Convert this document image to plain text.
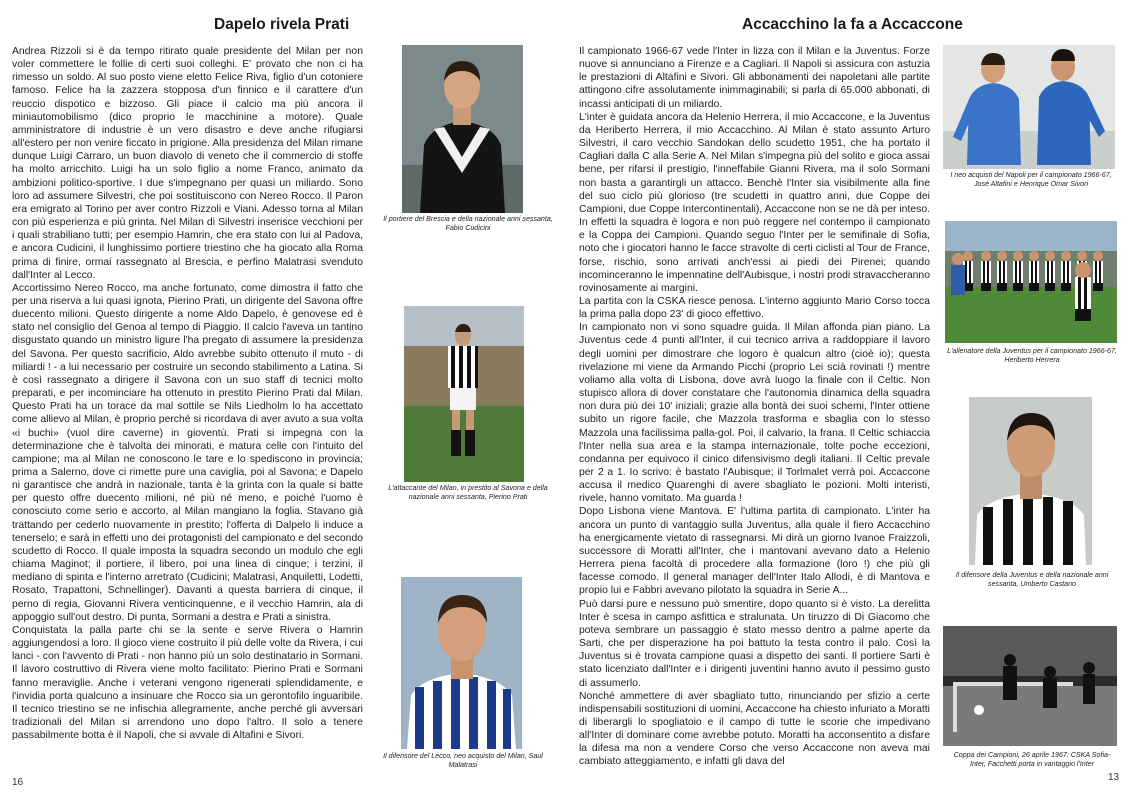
Dapelo rivela Prati

Andrea Rizzoli si è da tempo ritirato quale presidente del Milan per non voler commettere le follie di certi suoi colleghi. E' provato che non ci ha rimesso un soldo. Al suo posto viene eletto Felice Riva, figlio d'un cotoniere famoso. Felice ha la zazzera stopposa d'un finnico e il carattere d'un reuccio dispotico e bizzoso. Gli piace il calcio ma più ancora il miniautomobilismo (dico proprio le macchinine a motore). Quale amministratore di industrie è un vero disastro e deve anche rifugiarsi all'estero per non venire ficcato in prigione. Alla presidenza del Milan rimane dunque Luigi Carraro, un buon diavolo di veneto che il commercio di stoffe ha molto arricchito. Luigi ha un solo figlio a nome Franco, animato da ambizioni politico-sportive. I due s'impegnano per quasi un miliardo. Sono loro ad assumere Silvestri, che poi sostituiscono con Nereo Rocco. Il Paron era emigrato al Torino per aver contro Rizzoli e Viani. Adesso torna al Milan con più esperienza e più grinta. Nel Milan di Silvestri inserisce vecchioni per i quali strabiliano tutti; per esempio Hamrin, che era stato con lui al Padova, e ancora Cudicini, il lunghissimo portiere triestino che ha giocato alla Roma prima di finire, ormai rassegnato al Brescia, e perfino Malatrasi svenduto dall'Inter al Lecco.

Accortissimo Nereo Rocco, ma anche fortunato, come dimostra il fatto che per una riserva a lui quasi ignota, Pierino Prati, un dirigente del Savona offre duecento milioni. Questo dirigente a nome Aldo Dapelo, è genovese ed è stato nel consiglio del Genoa al tempo di Piaggio. Il calcio l'aveva un tantino disgustato quando un ministro ligure l'ha pregato di assumere la presidenza del Savona. Per questo sacrificio, Aldo avrebbe subito ottenuto il muto - di miliardi ! - a lui necessario per costruire un secondo stabilimento a Latina. Si è così rassegnato a dirigere il Savona con un suo staff di tecnici molto preparati, e per incominciare ha ottenuto in prestito Pierino Prati dal Milan. Questo Prati ha un torace da mal sottile se Nils Liedholm lo ha accettato come allievo al Milan, è proprio perché si ricordava di aver avuto a sua volta «i buchi» (vuol dire caverne) in gioventù. Prati si impegna con la determinazione che è talvolta dei minorati, e matura celle con l'intuito del campione; ma al Milan ne conoscono le tare e lo spediscono in provincia; prima a Salerno, dove ci rimette pure una caviglia, poi al Savona; e Dapelo ni garantisce che andrà in nazionale, tanta è la grinta con la quale si batte per questo offre duecento milioni, né più né meno, e poiché l'uomo è conosciuto come serio e accorto, al Milan mangiano la foglia. Stavano già trattando per cederlo nuovamente in prestito; l'offerta di Dalpelo li induce a tenerselo; e sarà in effetti uno dei protagonisti del campionato e del secondo scudetto di Rocco. Il quale imposta la squadra secondo un modulo che egli chiama Maginot; il portiere, il libero, poi una linea di cinque; i terzini, il mediano di spinta e l'interno arretrato (Cudicini; Malatrasi, Anquiletti, Lodetti, Rosato, Trapattoni, Schnellinger). Davanti a questa barriera di cinque, il perno di regia, Giovanni Rivera venticinquenne, e il vecchio Hamrin, ala di appoggio sull'out destro. Di punta, Sormani a destra e Prati a sinistra.

Conquistata la palla parte chi se la sente e serve Rivera o Hamrin aggiungendosi a loro. Il gioco viene costruito il più delle volte da Rivera, i cui lanci - con l'avvento di Prati - non hanno più un solo destinatario in Sormani. Il lavoro costruttivo di Rivera viene molto facilitato: Pierino Prati e Sormani fanno meraviglie. Anche i veterani vengono rigenerati splendidamente, e l'invidia porta qualcuno a insinuare che Rocco sia un gerontofilo inguaribile. Il tecnico triestino se ne infischia allegramente, anche perché gli avversari tradizionali del Milan si arrendono uno dopo l'altro. Il solo a tenere passabilmente botta è il Napoli, che si avvale di Altafini e Sivori.

Il portiere del Brescia e della nazionale anni sessanta, Fabio Cudicini
L'attaccante del Milan, in prestito al Savona e della nazionale anni sessanta, Pierino Prati
Il difensore del Lecco, neo acquisto del Milan, Saul Malatrasi
16
Accacchino la fa a Accaccone

Il campionato 1966-67 vede l'Inter in lizza con il Milan e la Juventus. Forze nuove si annunciano a Firenze e a Cagliari. Il Napoli si assicura con astuzia le prestazioni di Altafini e Sivori. Gli abbonamenti dei napoletani alle partite attingono cifre assolutamente inimmaginabili; si parla di 65.000 abbonati, di incassi anticipati di un miliardo.

L'inter è guidata ancora da Helenio Herrera, il mio Accaccone, e la Juventus da Heriberto Herrera, il mio Accacchino. Al Milan è stato assunto Arturo Silvestri, il caro vecchio Sandokan dello scudetto 1951, che ha portato il Cagliari dalla C alla Serie A. Nel Milan s'impegna più del solito e gioca assai bene, per rifarsi il prestigio, l'inneffabile Gianni Rivera, ma il solo Sormani non basta a garantirgli un attacco. Benchè l'Inter sia visibilmente alla fine del suo ciclo più glorioso (tre scudetti in quattro anni, due Coppe dei Campioni, due Coppe Intercontinentali), Accaccone non se ne dà per inteso. In effetti la squadra è logora e non può reggere nel contempo il campionato e la Coppa dei Campioni. Quando seguo l'Inter per le semifinale di Sofia, noto che i giocatori hanno le facce stravolte di certi ciclisti al Tour de France, forse, rischio, sono arrivati anch'essi ai piedi dei Pirenei; quando incominceranno le impennatine dell'Aubisque, i nostri prodi stravaccheranno rovinosamente ai margini.

La partita con la CSKA riesce penosa. L'interno aggiunto Mario Corso tocca la prima palla dopo 23' di gioco effettivo.

In campionato non vi sono squadre guida. Il Milan affonda pian piano. La Juventus cede 4 punti all'Inter, il cui tecnico arriva a raddoppiare il lavoro degli uomini per dimostrare che logoro è qualcun altro (cioè io); questa rivelazione mi viene da Armando Picchi (proprio Lei scià rovinati !) mentre voliamo alla volta di Lisbona, dove avrà luogo la finale con il Celtic. Non stupisco allora di dover constatare che l'autonomia dinamica della squadra non dura più dei 10' iniziali; grazie alla bontà dei suoi schemi, l'Inter ottiene subito un rigore facile, che Mazzola trasforma e sbaglia con lo stesso Mazzola una facilissima palla-gol. Poi, il calvario, la frana. Il Celtic schiaccia l'Inter nella sua area e la stampa internazionale, tolte poche eccezioni, condanna per equivoco il cinico difensivismo degli italiani. Il Celtic prevale per 2 a 1. Io scrivo: è bastato l'Aubisque; il Torlmalet verrà poi. Accaccone accusa il medico Quarenghi di avere sbagliato le pozioni. Molti interisti, rivele, hanno vomitato. Ma guarda !

Dopo Lisbona viene Mantova. E' l'ultima partita di campionato. L'inter ha ancora un punto di vantaggio sulla Juventus, alla quale il fiero Accacchino ha energicamente vietato di rassegnarsi. Mi dirà un giorno Ivanoe Fraizzoli, successore di Moratti all'Inter, che i mantovani avevano dato a Helenio Herrera piena facoltà di procedere alla formazione (loro !) che più gli facesse comodo. Il general manager dell'Inter Italo Allodi, è di Mantova e propio lui e Fabbri avevano pilotato la squadra in Serie A...

Può darsi pure e nessuno può smentire, dopo quanto si è visto. La derelitta Inter è scesa in campo asfittica e stralunata. Un tiruzzo di Di Giacomo che poteva sembrare un passaggio è stato messo dentro a palme aperte da Sarti, che per disperazione ha poi battuto la testa contro il palo. Così la Juventus si è trovata campione quasi a dispetto dei santi. Il portiere Sarti è stato licenziato dall'Inter e i dirigenti juventini hanno avuto il pessimo gusto di assumerlo.

Nonché ammettere di aver sbagliato tutto, rinunciando per sfizio a certe indispensabili sostituzioni di uomini, Accaccone ha chiesto infuriato a Moratti di liberargli lo spogliatoio e il campo di tutte le scorie che impedivano all'Inter di dominare come avrebbe potuto. Moratti ha acconsentito a disfare la difesa ma non a vendere Corso che verso Accaccone non aveva mai cambiato atteggiamento, e infatti gli dava del

I neo acquisti del Napoli per il campionato 1966-67, José Altafini e Henrique Omar Sivori
L'allenatore della Juventus per il campionato 1966-67, Heriberto Herrera
Il difensore della Juventus e della nazionale anni sessanta, Umberto Castano
Coppa dei Campioni, 26 aprile 1967: CSKA Sofia-Inter, Facchetti porta in vantaggio l'Inter
13
